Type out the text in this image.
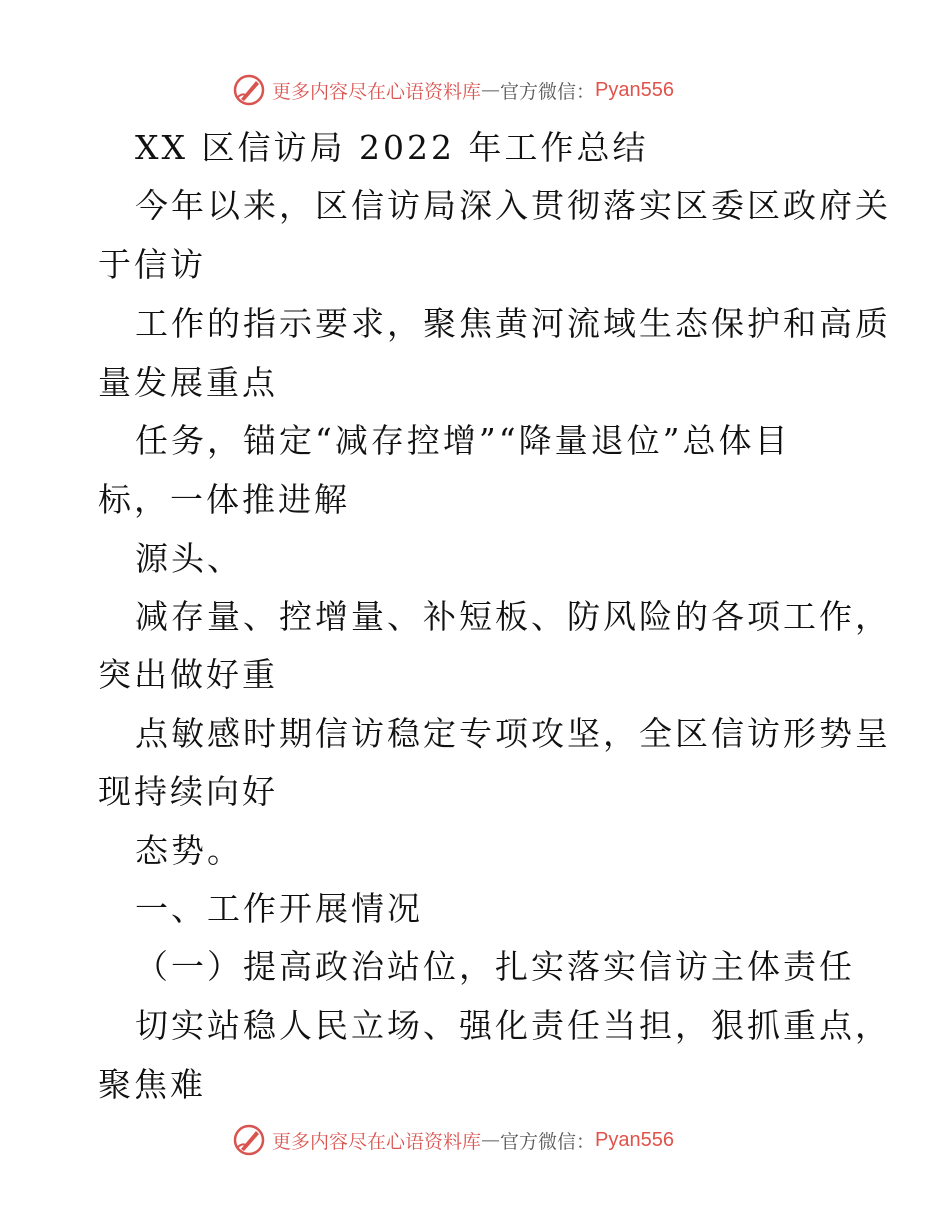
更多内容尽在心语资料库 — 官方微信： Pyan556
XX 区信访局 2022 年工作总结
今年以来，区信访局深入贯彻落实区委区政府关
于信访
工作的指示要求，聚焦黄河流域生态保护和高质
量发展重点
任务，锚定“减存控增”“降量退位”总体目
标，一体推进解
源头、
减存量、控增量、补短板、防风险的各项工作，
突出做好重
点敏感时期信访稳定专项攻坚，全区信访形势呈
现持续向好
态势。
一、工作开展情况
（一）提高政治站位，扎实落实信访主体责任
切实站稳人民立场、强化责任当担，狠抓重点，
聚焦难
更多内容尽在心语资料库 — 官方微信： Pyan556
